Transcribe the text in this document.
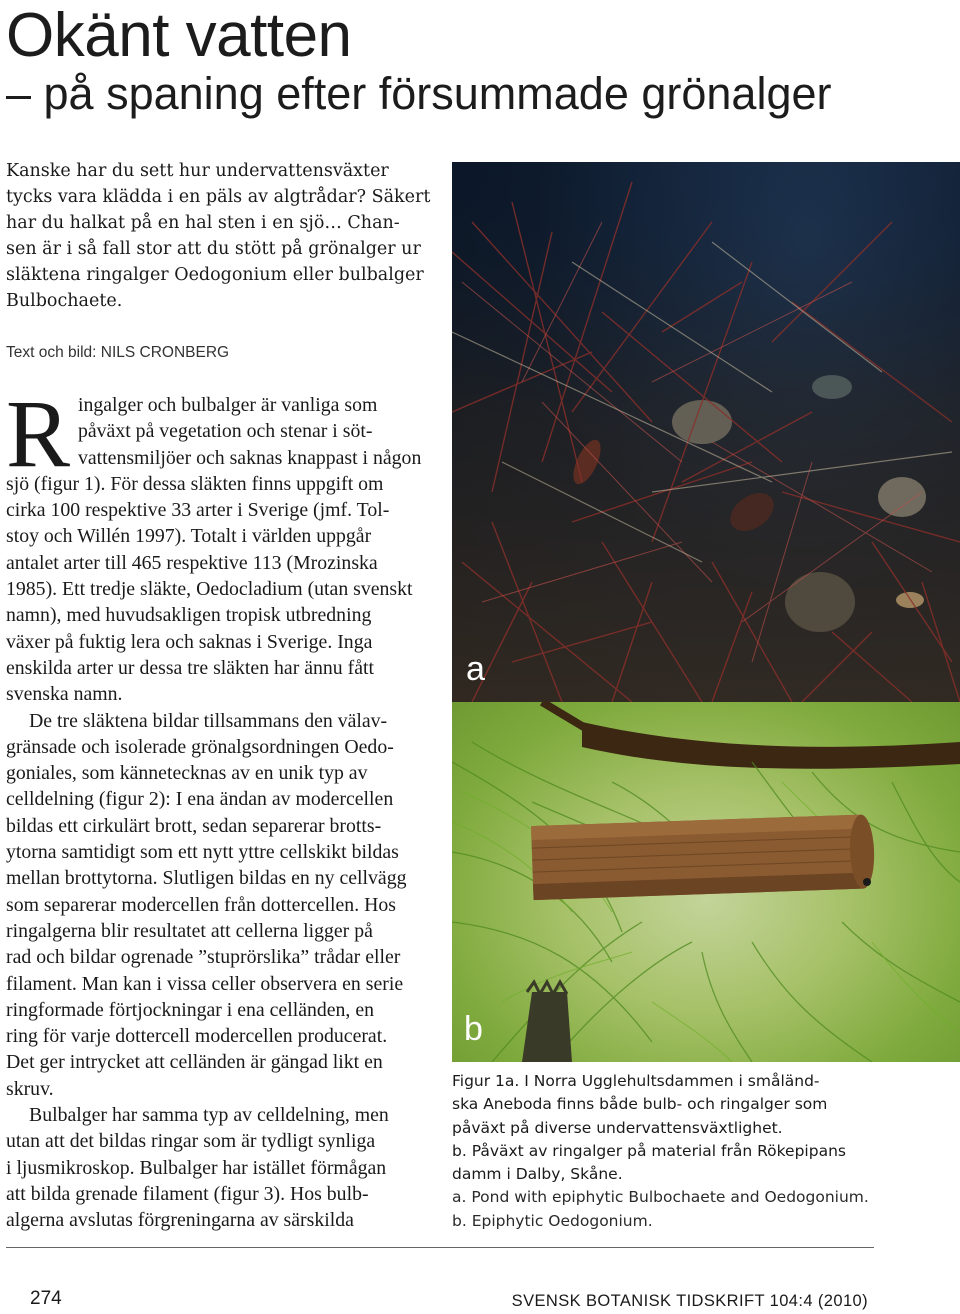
Okänt vatten
– på spaning efter försummade grönalger
Kanske har du sett hur undervattensväxter
tycks vara klädda i en päls av algtrådar? Säkert
har du halkat på en hal sten i en sjö… Chan-
sen är i så fall stor att du stött på grönalger ur
släktena ringalger Oedogonium eller bulbalger
Bulbochaete.
Text och bild: NILS CRONBERG
R ingalger och bulbalger är vanliga som
påväxt på vegetation och stenar i söt-
vattensmiljöer och saknas knappast i någon
sjö (figur 1). För dessa släkten finns uppgift om
cirka 100 respektive 33 arter i Sverige (jmf. Tol-
stoy och Willén 1997). Totalt i världen uppgår
antalet arter till 465 respektive 113 (Mrozinska
1985). Ett tredje släkte, Oedocladium (utan svenskt
namn), med huvudsakligen tropisk utbredning
växer på fuktig lera och saknas i Sverige. Inga
enskilda arter ur dessa tre släkten har ännu fått
svenska namn.
De tre släktena bildar tillsammans den välav-
gränsade och isolerade grönalgsordningen Oedo-
goniales, som kännetecknas av en unik typ av
celldelning (figur 2): I ena ändan av modercellen
bildas ett cirkulärt brott, sedan separerar brotts-
ytorna samtidigt som ett nytt yttre cellskikt bildas
mellan brottytorna. Slutligen bildas en ny cellvägg
som separerar modercellen från dottercellen. Hos
ringalgerna blir resultatet att cellerna ligger på
rad och bildar ogrenade ”stuprörslika” trådar eller
filament. Man kan i vissa celler observera en serie
ringformade förtjockningar i ena celländen, en
ring för varje dottercell modercellen producerat.
Det ger intrycket att celländen är gängad likt en
skruv.
Bulbalger har samma typ av celldelning, men
utan att det bildas ringar som är tydligt synliga
i ljusmikroskop. Bulbalger har istället förmågan
att bilda grenade filament (figur 3). Hos bulb-
algerna avslutas förgreningarna av särskilda
a
b
Figur 1a. I Norra Ugglehultsdammen i småländ-
ska Aneboda finns både bulb- och ringalger som
påväxt på diverse undervattensväxtlighet.
b. Påväxt av ringalger på material från Rökepipans
damm i Dalby, Skåne.
a. Pond with epiphytic Bulbochaete and Oedogonium.
b. Epiphytic Oedogonium.
274	SVENSK BOTANISK TIDSKRIFT 104:4 (2010)
